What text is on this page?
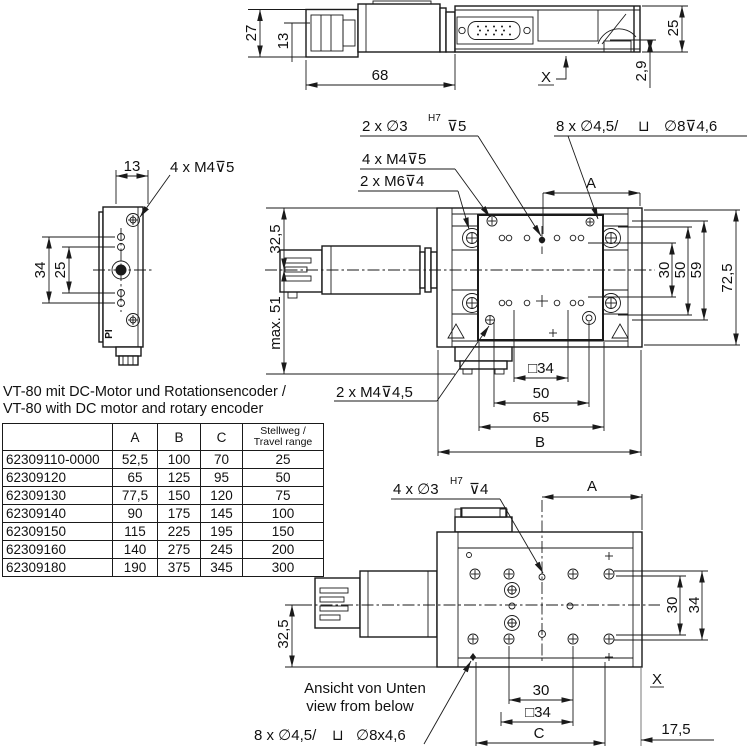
27 13
68	X	2,9
25
PI
13 4 x M4⊽5
34 25
2 x ∅3 H7 ⊽5
4 x M4⊽5
2 x M6⊽4
8 x ∅4,5/ ⊔ ∅8⊽4,6
2 x M4⊽4,5
A
32,5
max. 51
30 50 59 72,5
□34
50
65
B
4 x ∅3 H7 ⊽4
Ansicht von Unten
view from below
8 x ∅4,5/ ⊔ ∅8x4,6
A
30 34
32,5
30
□34
C	17,5
X
VT-80 mit DC-Motor und Rotationsencoder /
VT-80 with DC motor and rotary encoder
	A	B	C	Stellweg /
Travel range
62309110-0000	52,5	100	70	25
62309120	65	125	95	50
62309130	77,5	150	120	75
62309140	90	175	145	100
62309150	115	225	195	150
62309160	140	275	245	200
62309180	190	375	345	300
